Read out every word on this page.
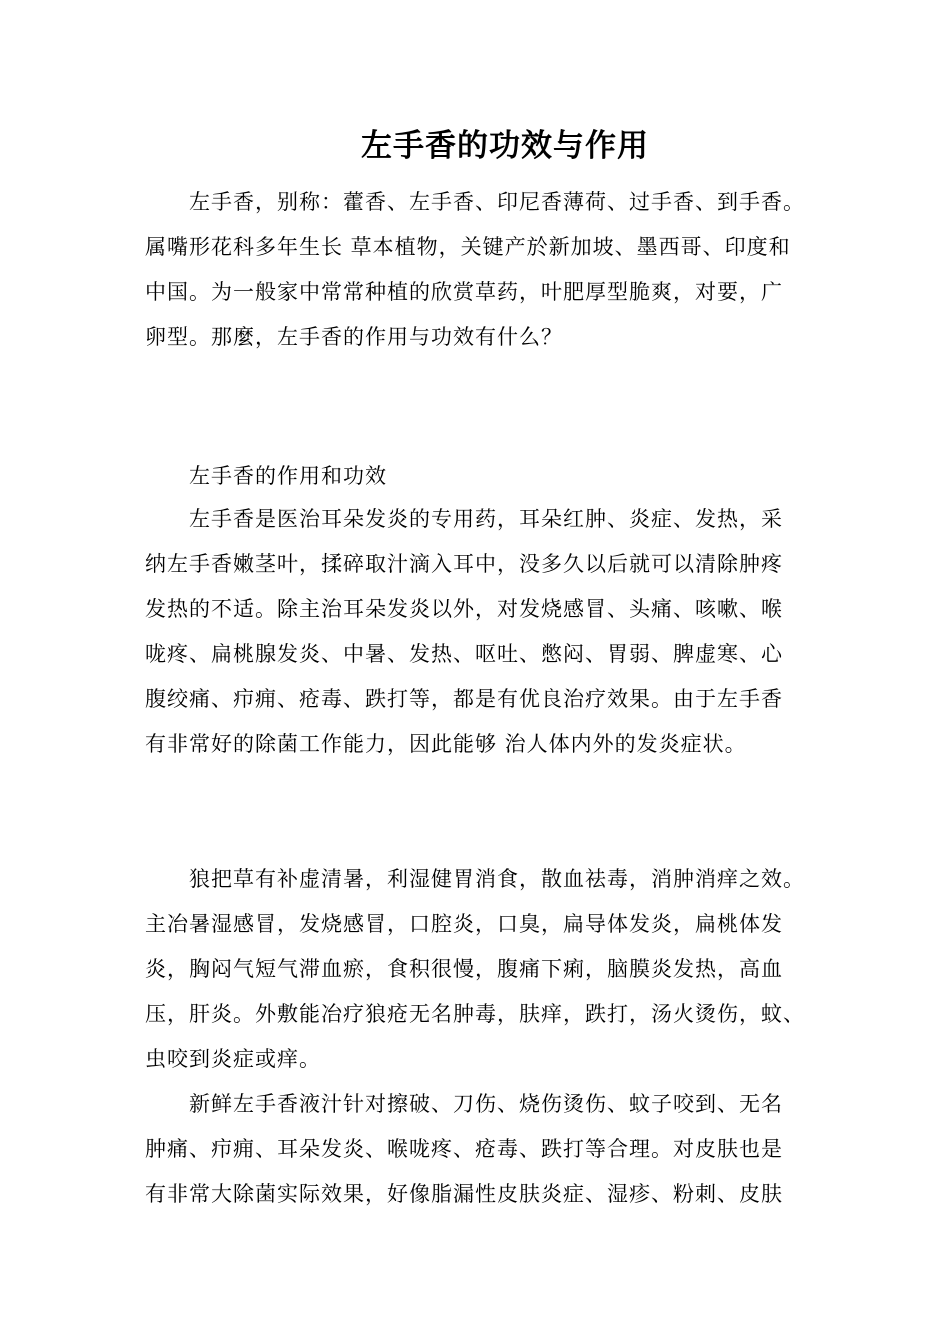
左手香的功效与作用
左手香，别称：藿香、左手香、印尼香薄荷、过手香、到手香。
属嘴形花科多年生长 草本植物，关键产於新加坡、墨西哥、印度和
中国。为一般家中常常种植的欣赏草药，叶肥厚型脆爽，对要，广
卵型。那麼，左手香的作用与功效有什么？
左手香的作用和功效
左手香是医治耳朵发炎的专用药，耳朵红肿、炎症、发热，采
纳左手香嫩茎叶，揉碎取汁滴入耳中，没多久以后就可以清除肿疼
发热的不适。除主治耳朵发炎以外，对发烧感冒、头痛、咳嗽、喉
咙疼、扁桃腺发炎、中暑、发热、呕吐、憋闷、胃弱、脾虚寒、心
腹绞痛、疖痈、疮毒、跌打等，都是有优良治疗效果。由于左手香
有非常好的除菌工作能力，因此能够 治人体内外的发炎症状。
狼把草有补虚清暑，利湿健胃消食，散血祛毒，消肿消痒之效。
主冶暑湿感冒，发烧感冒，口腔炎，口臭，扁导体发炎，扁桃体发
炎，胸闷气短气滞血瘀，食积很慢，腹痛下痢，脑膜炎发热，高血
压，肝炎。外敷能冶疗狼疮无名肿毒，肤痒，跌打，汤火烫伤，蚊、
虫咬到炎症或痒。
新鲜左手香液汁针对擦破、刀伤、烧伤烫伤、蚊子咬到、无名
肿痛、疖痈、耳朵发炎、喉咙疼、疮毒、跌打等合理。对皮肤也是
有非常大除菌实际效果，好像脂漏性皮肤炎症、湿疹、粉刺、皮肤
